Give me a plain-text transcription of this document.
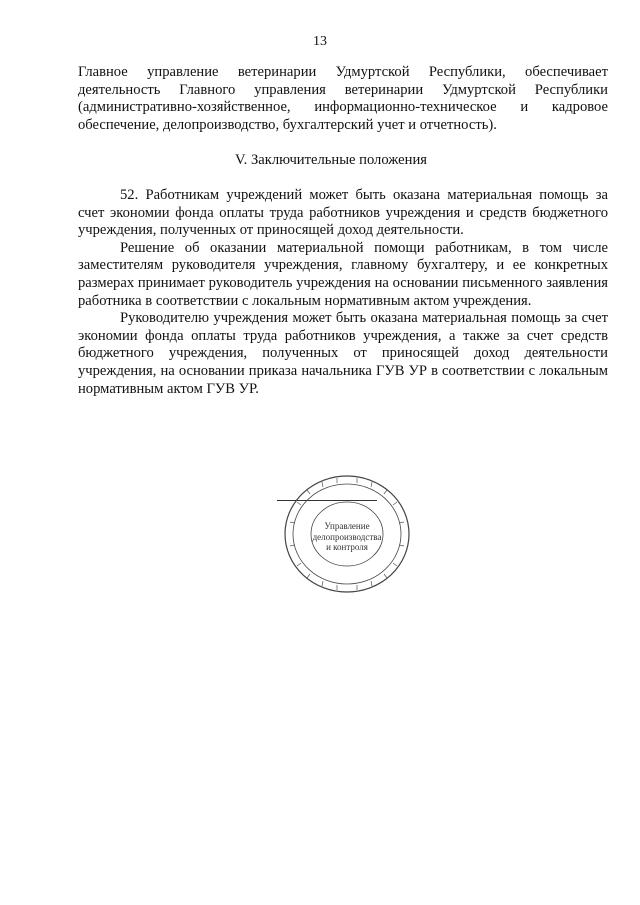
13

Главное управление ветеринарии Удмуртской Республики, обеспечивает деятельность Главного управления ветеринарии Удмуртской Республики (административно-хозяйственное, информационно-техническое и кадровое обеспечение, делопроизводство, бухгалтерский учет и отчетность).

V. Заключительные положения

52. Работникам учреждений может быть оказана материальная помощь за счет экономии фонда оплаты труда работников учреждения и средств бюджетного учреждения, полученных от приносящей доход деятельности.

Решение об оказании материальной помощи работникам, в том числе заместителям руководителя учреждения, главному бухгалтеру, и ее конкретных размерах принимает руководитель учреждения на основании письменного заявления работника в соответствии с локальным нормативным актом учреждения.

Руководителю учреждения может быть оказана материальная помощь за счет экономии фонда оплаты труда работников учреждения, а также за счет средств бюджетного учреждения, полученных от приносящей доход деятельности учреждения, на основании приказа начальника ГУВ УР в соответствии с локальным нормативным актом ГУВ УР.

Управление
делопроизводства
и контроля
